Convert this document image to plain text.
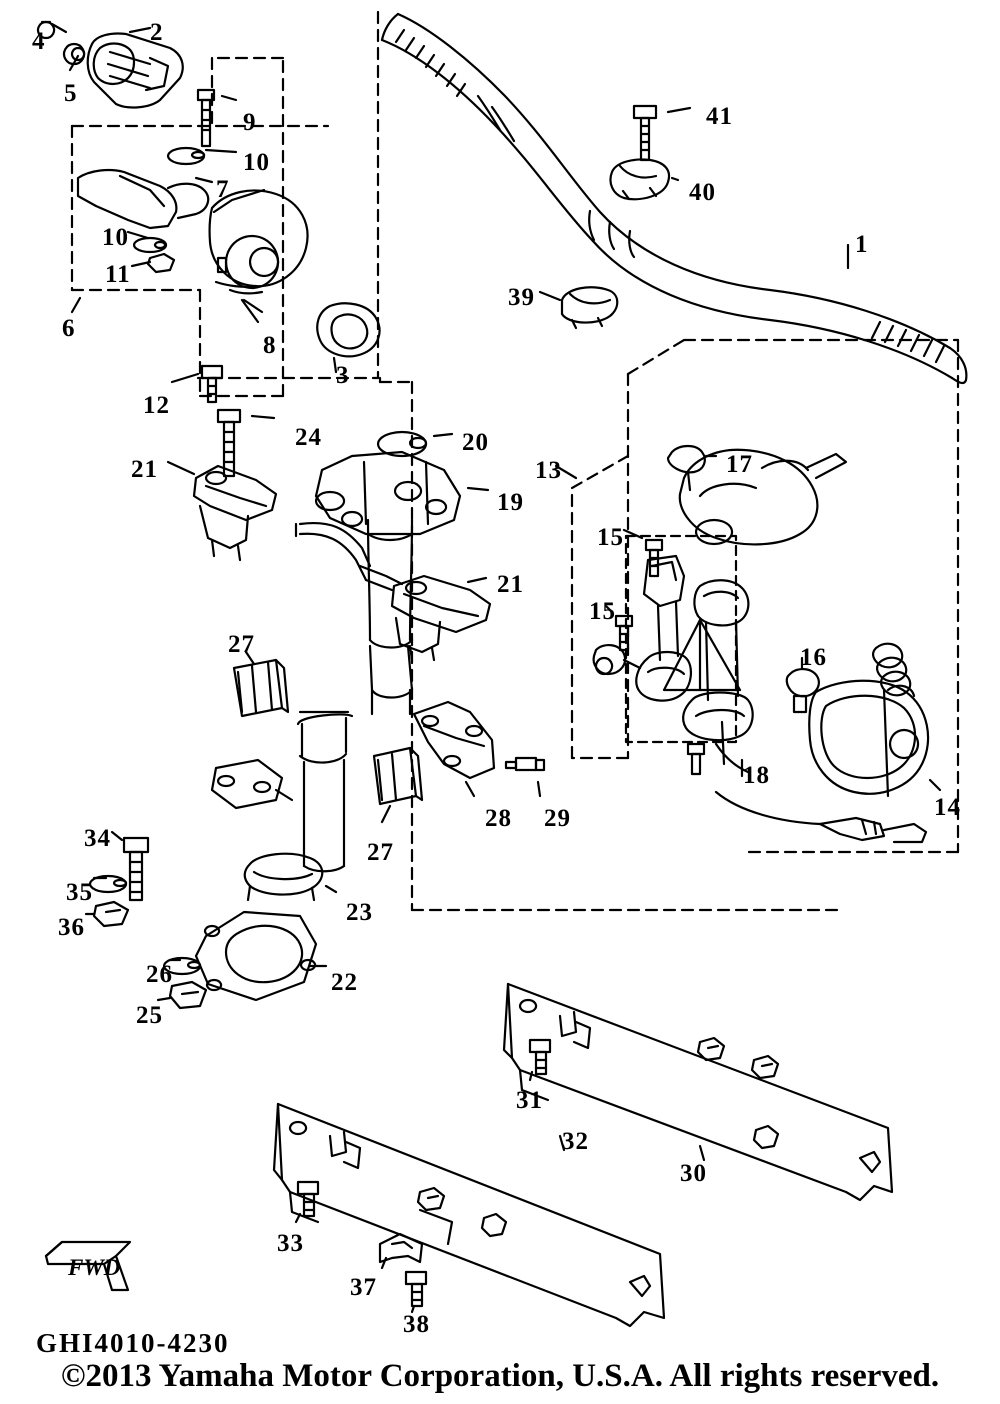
1
2
3
4
5
6
7
8
9
10
10
11
12
13
14
15
15
16
17
18
19
20
21
21
22
23
24
25
26
27
27
28 29
30
31
32
33
34
35
36
37
38
39
40
41
FWD
GHI4010-4230
©2013 Yamaha Motor Corporation, U.S.A. All rights reserved.
